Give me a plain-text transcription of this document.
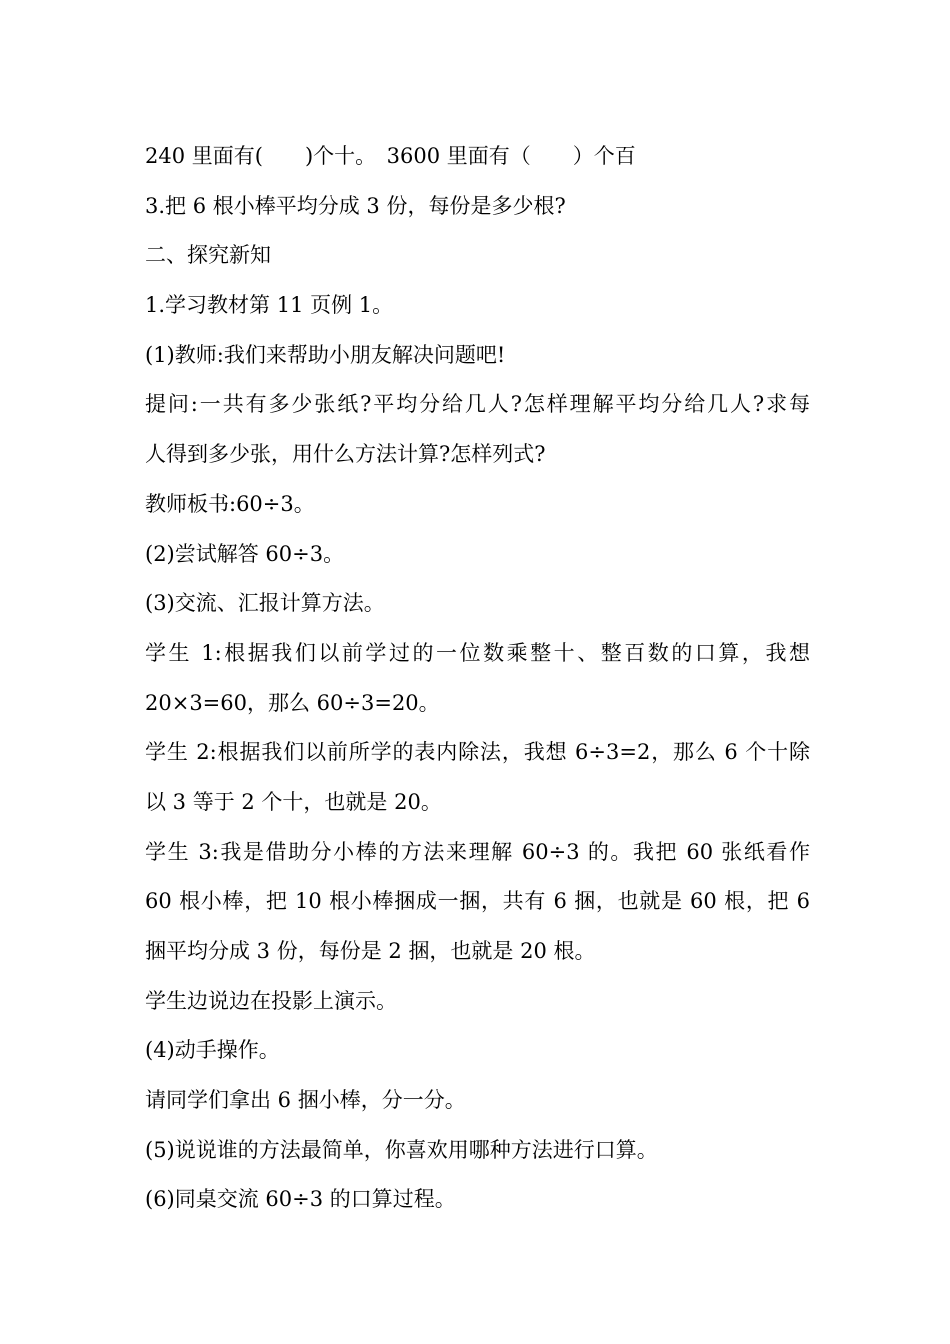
240 里面有(　　)个十。　3600 里面有（　　）个百
3.把 6 根小棒平均分成 3 份，每份是多少根?
二、探究新知
1.学习教材第 11 页例 1。
(1)教师:我们来帮助小朋友解决问题吧!
提问:一共有多少张纸?平均分给几人?怎样理解平均分给几人?求每
人得到多少张，用什么方法计算?怎样列式?
教师板书:60÷3。
(2)尝试解答 60÷3。
(3)交流、汇报计算方法。
学生 1:根据我们以前学过的一位数乘整十、整百数的口算，我想
20×3=60，那么 60÷3=20。
学生 2:根据我们以前所学的表内除法，我想 6÷3=2，那么 6 个十除
以 3 等于 2 个十，也就是 20。
学生 3:我是借助分小棒的方法来理解 60÷3 的。我把 60 张纸看作
60 根小棒，把 10 根小棒捆成一捆，共有 6 捆，也就是 60 根，把 6
捆平均分成 3 份，每份是 2 捆，也就是 20 根。
学生边说边在投影上演示。
(4)动手操作。
请同学们拿出 6 捆小棒，分一分。
(5)说说谁的方法最简单，你喜欢用哪种方法进行口算。
(6)同桌交流 60÷3 的口算过程。
